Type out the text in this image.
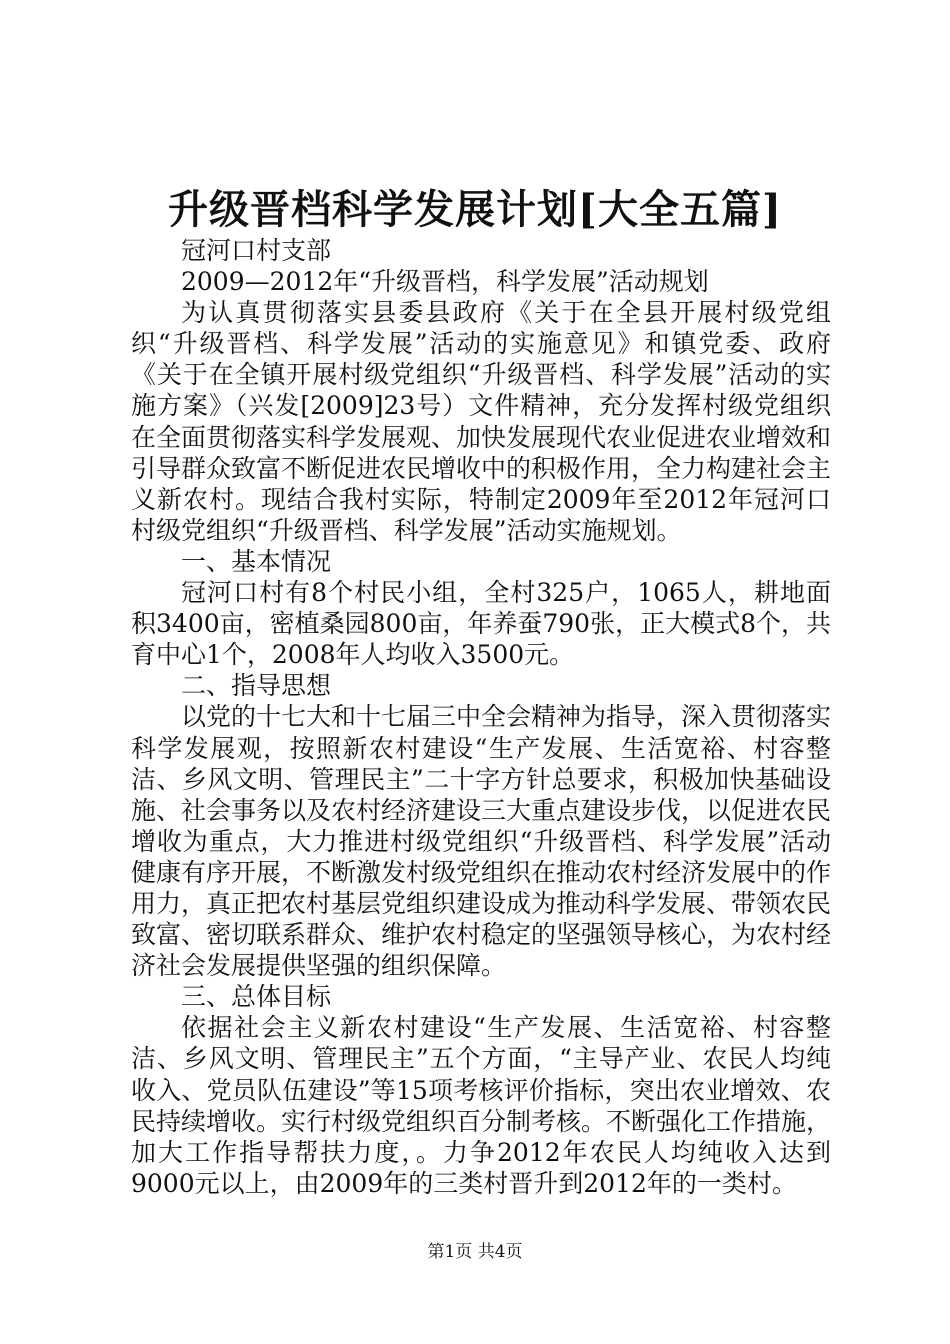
升级晋档科学发展计划[大全五篇]

冠河口村支部

2009—2012年“升级晋档，科学发展”活动规划

为认真贯彻落实县委县政府《关于在全县开展村级党组织“升级晋档、科学发展”活动的实施意见》和镇党委、政府《关于在全镇开展村级党组织“升级晋档、科学发展”活动的实施方案》（兴发[2009]23号）文件精神，充分发挥村级党组织在全面贯彻落实科学发展观、加快发展现代农业促进农业增效和引导群众致富不断促进农民增收中的积极作用，全力构建社会主义新农村。现结合我村实际，特制定2009年至2012年冠河口村级党组织“升级晋档、科学发展”活动实施规划。

一、基本情况

冠河口村有8个村民小组，全村325户，1065人，耕地面积3400亩，密植桑园800亩，年养蚕790张，正大模式8个，共育中心1个，2008年人均收入3500元。

二、指导思想

以党的十七大和十七届三中全会精神为指导，深入贯彻落实科学发展观，按照新农村建设“生产发展、生活宽裕、村容整洁、乡风文明、管理民主”二十字方针总要求，积极加快基础设施、社会事务以及农村经济建设三大重点建设步伐，以促进农民增收为重点，大力推进村级党组织“升级晋档、科学发展”活动健康有序开展，不断激发村级党组织在推动农村经济发展中的作用力，真正把农村基层党组织建设成为推动科学发展、带领农民致富、密切联系群众、维护农村稳定的坚强领导核心，为农村经济社会发展提供坚强的组织保障。

三、总体目标

依据社会主义新农村建设“生产发展、生活宽裕、村容整洁、乡风文明、管理民主”五个方面，“主导产业、农民人均纯收入、党员队伍建设”等15项考核评价指标，突出农业增效、农民持续增收。实行村级党组织百分制考核。不断强化工作措施，加大工作指导帮扶力度，。力争2012年农民人均纯收入达到9000元以上，由2009年的三类村晋升到2012年的一类村。

第1页 共4页
